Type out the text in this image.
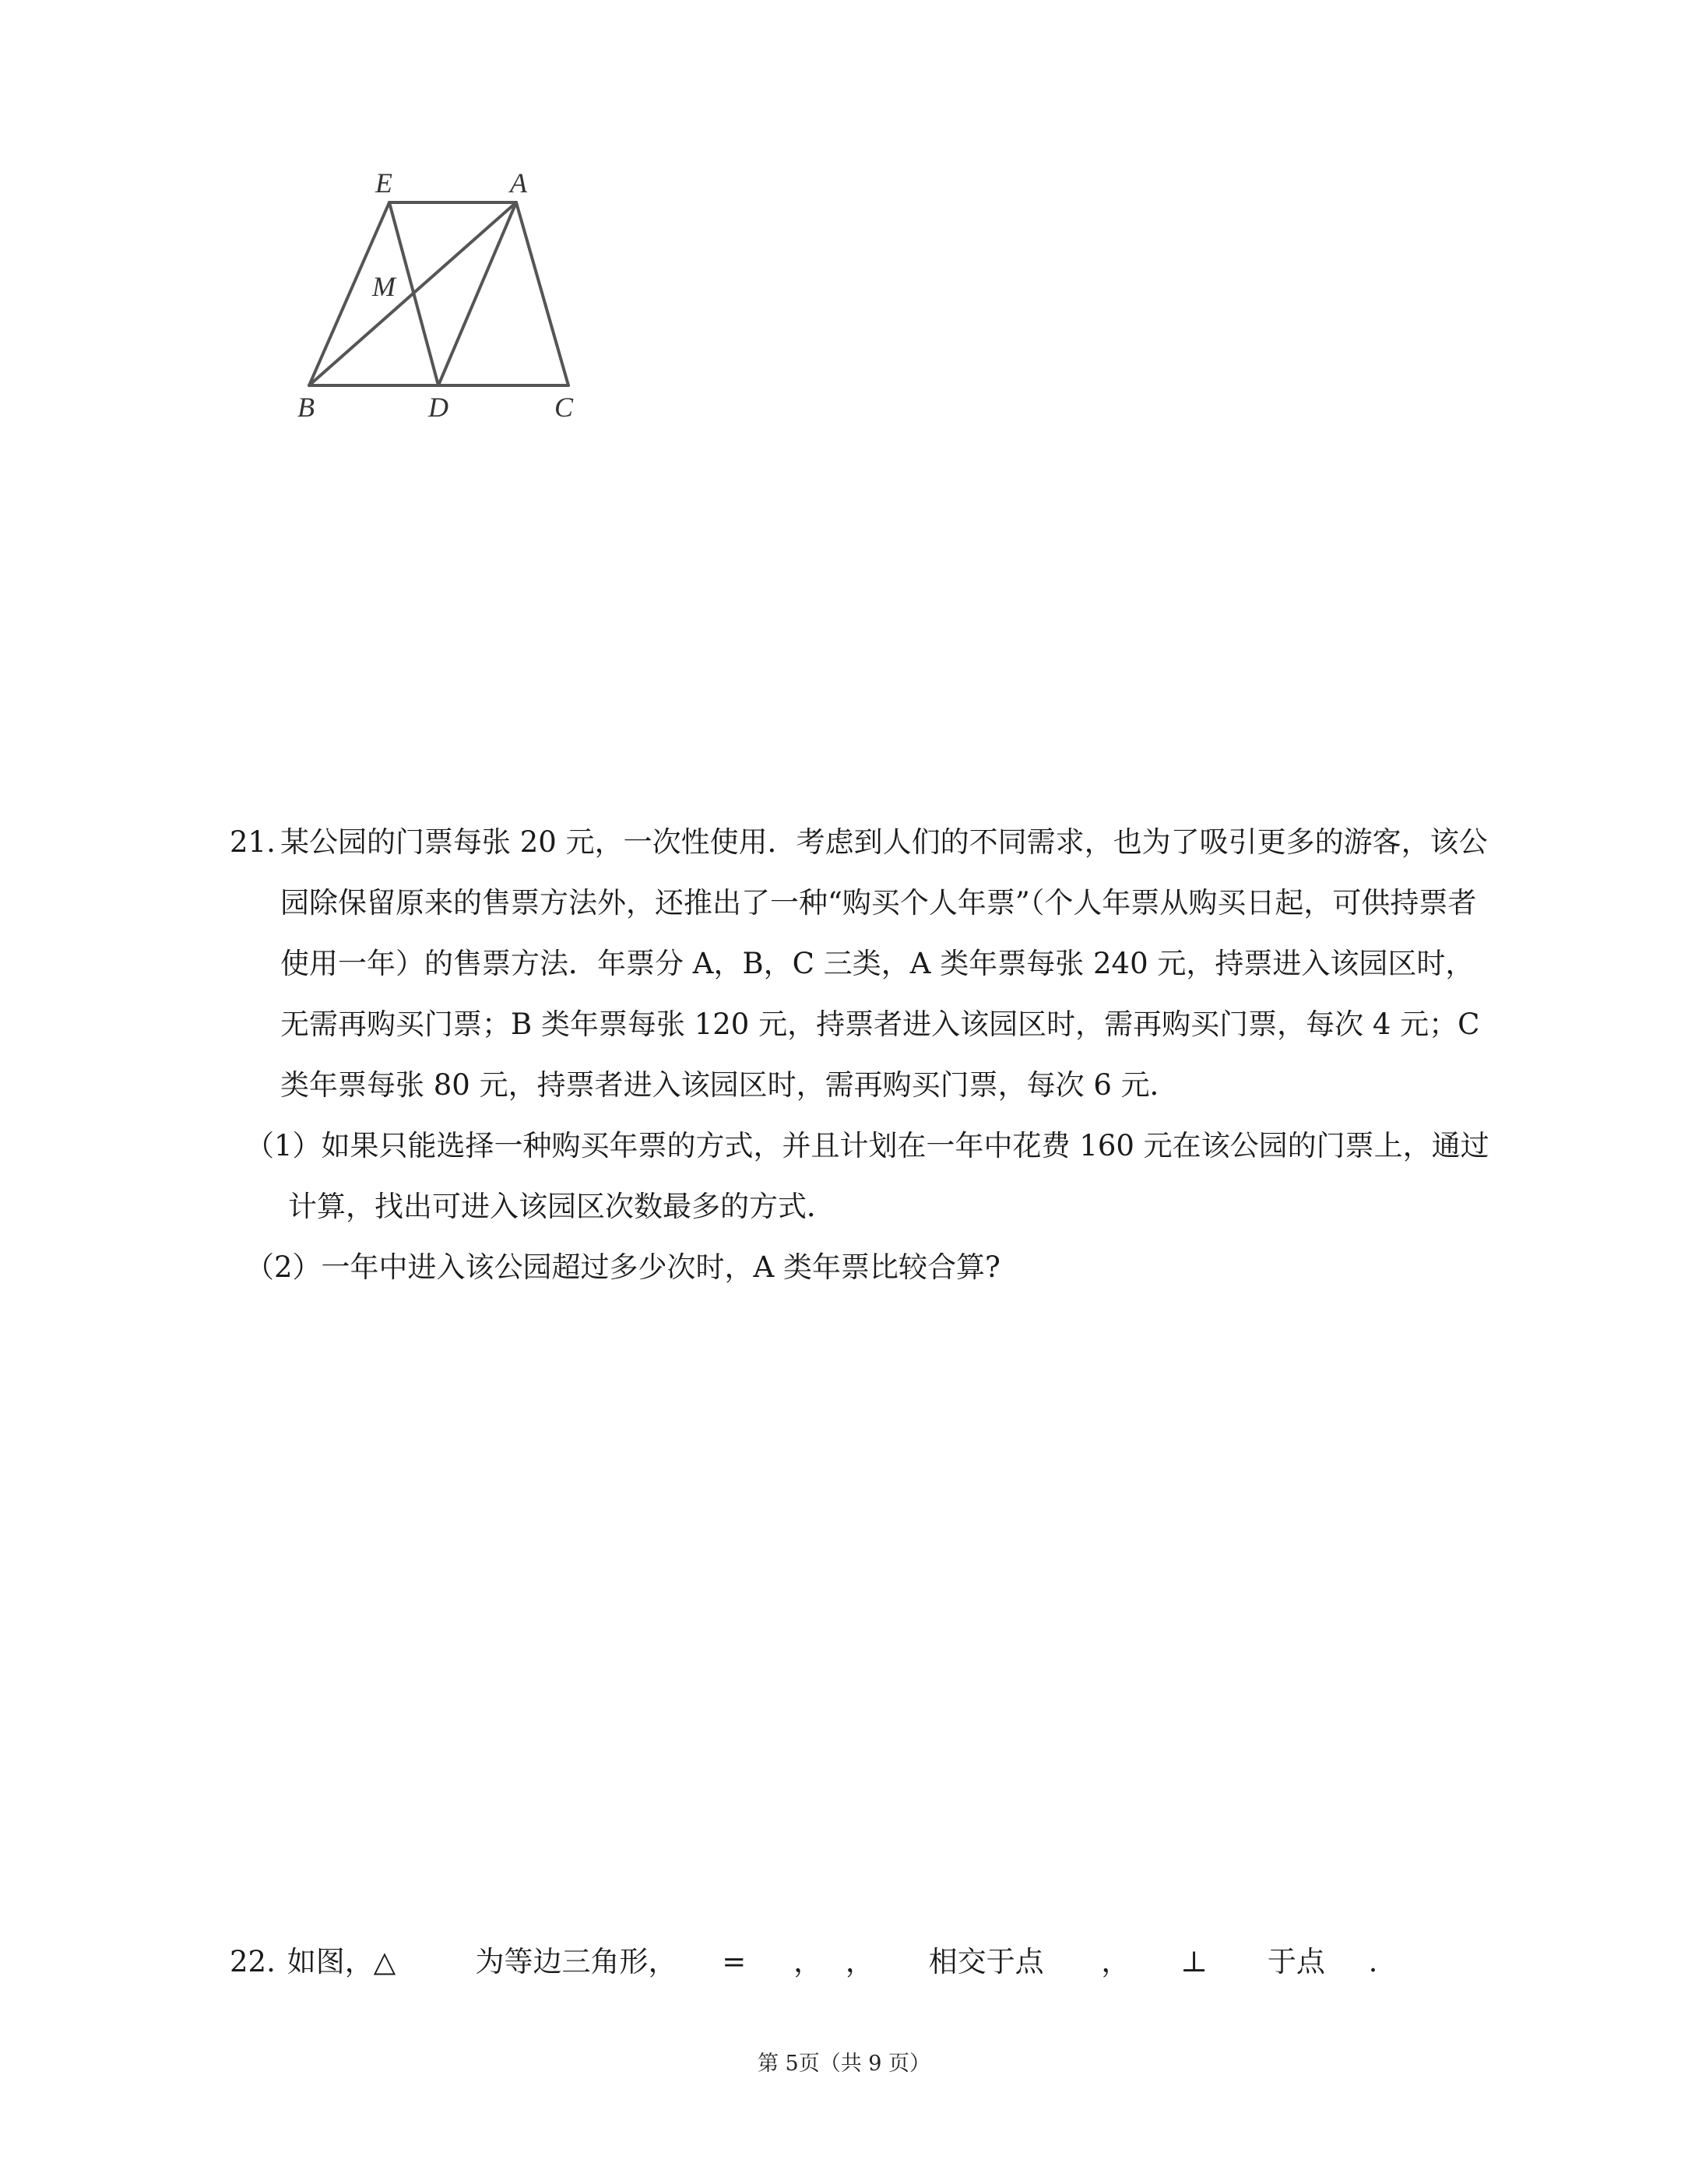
E	A
M
B	D	C
21. 某公园的门票每张 20 元，一次性使用．考虑到人们的不同需求，也为了吸引更多的游客，该公园除保留原来的售票方法外，还推出了一种“购买个人年票”（个人年票从购买日起，可供持票者使用一年）的售票方法．年票分 A，B，C 三类，A 类年票每张 240 元，持票进入该园区时，无需再购买门票；B 类年票每张 120 元，持票者进入该园区时，需再购买门票，每次 4 元；C 类年票每张 80 元，持票者进入该园区时，需再购买门票，每次 6 元．
（1）如果只能选择一种购买年票的方式，并且计划在一年中花费 160 元在该公园的门票上，通过计算，找出可进入该园区次数最多的方式．
（2）一年中进入该公园超过多少次时，A 类年票比较合算?
22. 如图，△	为等边三角形， = ， ， 相交于点 ， ⊥ 于点 .
第 5页（共 9 页）
